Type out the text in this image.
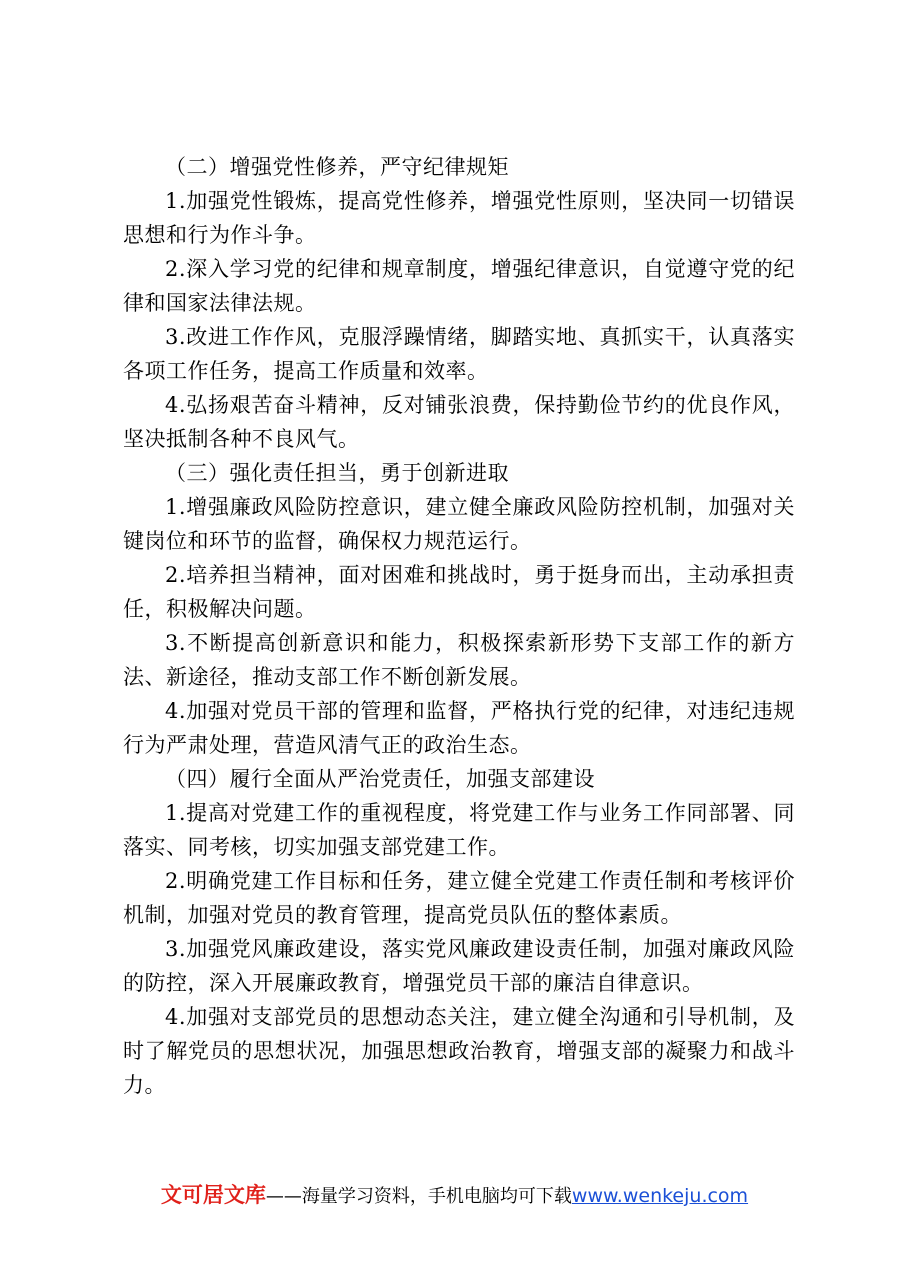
（二）增强党性修养，严守纪律规矩

1.加强党性锻炼，提高党性修养，增强党性原则，坚决同一切错误思想和行为作斗争。

2.深入学习党的纪律和规章制度，增强纪律意识，自觉遵守党的纪律和国家法律法规。

3.改进工作作风，克服浮躁情绪，脚踏实地、真抓实干，认真落实各项工作任务，提高工作质量和效率。

4.弘扬艰苦奋斗精神，反对铺张浪费，保持勤俭节约的优良作风，坚决抵制各种不良风气。

（三）强化责任担当，勇于创新进取

1.增强廉政风险防控意识，建立健全廉政风险防控机制，加强对关键岗位和环节的监督，确保权力规范运行。

2.培养担当精神，面对困难和挑战时，勇于挺身而出，主动承担责任，积极解决问题。

3.不断提高创新意识和能力，积极探索新形势下支部工作的新方法、新途径，推动支部工作不断创新发展。

4.加强对党员干部的管理和监督，严格执行党的纪律，对违纪违规行为严肃处理，营造风清气正的政治生态。

（四）履行全面从严治党责任，加强支部建设

1.提高对党建工作的重视程度，将党建工作与业务工作同部署、同落实、同考核，切实加强支部党建工作。

2.明确党建工作目标和任务，建立健全党建工作责任制和考核评价机制，加强对党员的教育管理，提高党员队伍的整体素质。

3.加强党风廉政建设，落实党风廉政建设责任制，加强对廉政风险的防控，深入开展廉政教育，增强党员干部的廉洁自律意识。

4.加强对支部党员的思想动态关注，建立健全沟通和引导机制，及时了解党员的思想状况，加强思想政治教育，增强支部的凝聚力和战斗力。

文可居文库——海量学习资料，手机电脑均可下载www.wenkeju.com
